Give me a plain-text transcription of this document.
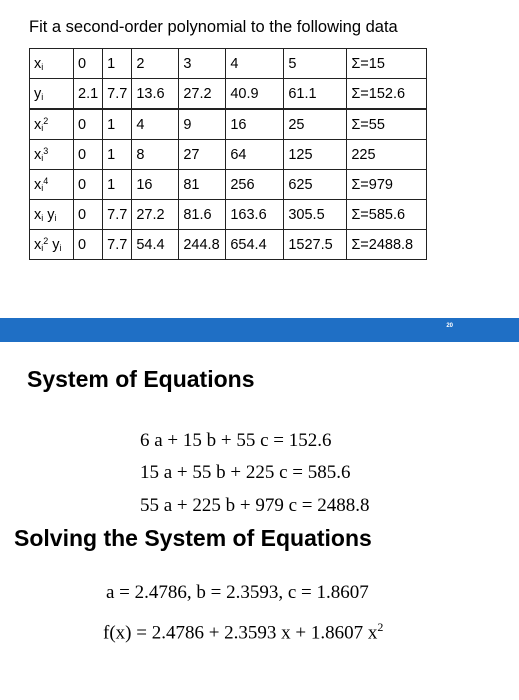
Fit a second-order polynomial to the following data
$x_i$	0	1	2	3	4	5	Σ=15
$y_i$	2.1	7.7	13.6	27.2	40.9	61.1	Σ=152.6
$x_i^2$	0	1	4	9	16	25	Σ=55
$x_i^3$	0	1	8	27	64	125	225
$x_i^4$	0	1	16	81	256	625	Σ=979
$x_i$ $y_i$	0	7.7	27.2	81.6	163.6	305.5	Σ=585.6
$x_i^2$ $y_i$	0	7.7	54.4	244.8	654.4	1527.5	Σ=2488.8
20
System of Equations
6 a + 15 b + 55 c = 152.6
15 a + 55 b + 225 c = 585.6
55 a + 225 b + 979 c = 2488.8
Solving the System of Equations
a = 2.4786, b = 2.3593, c = 1.8607
f(x) = 2.4786 + 2.3593 x + 1.8607 $x^2$
